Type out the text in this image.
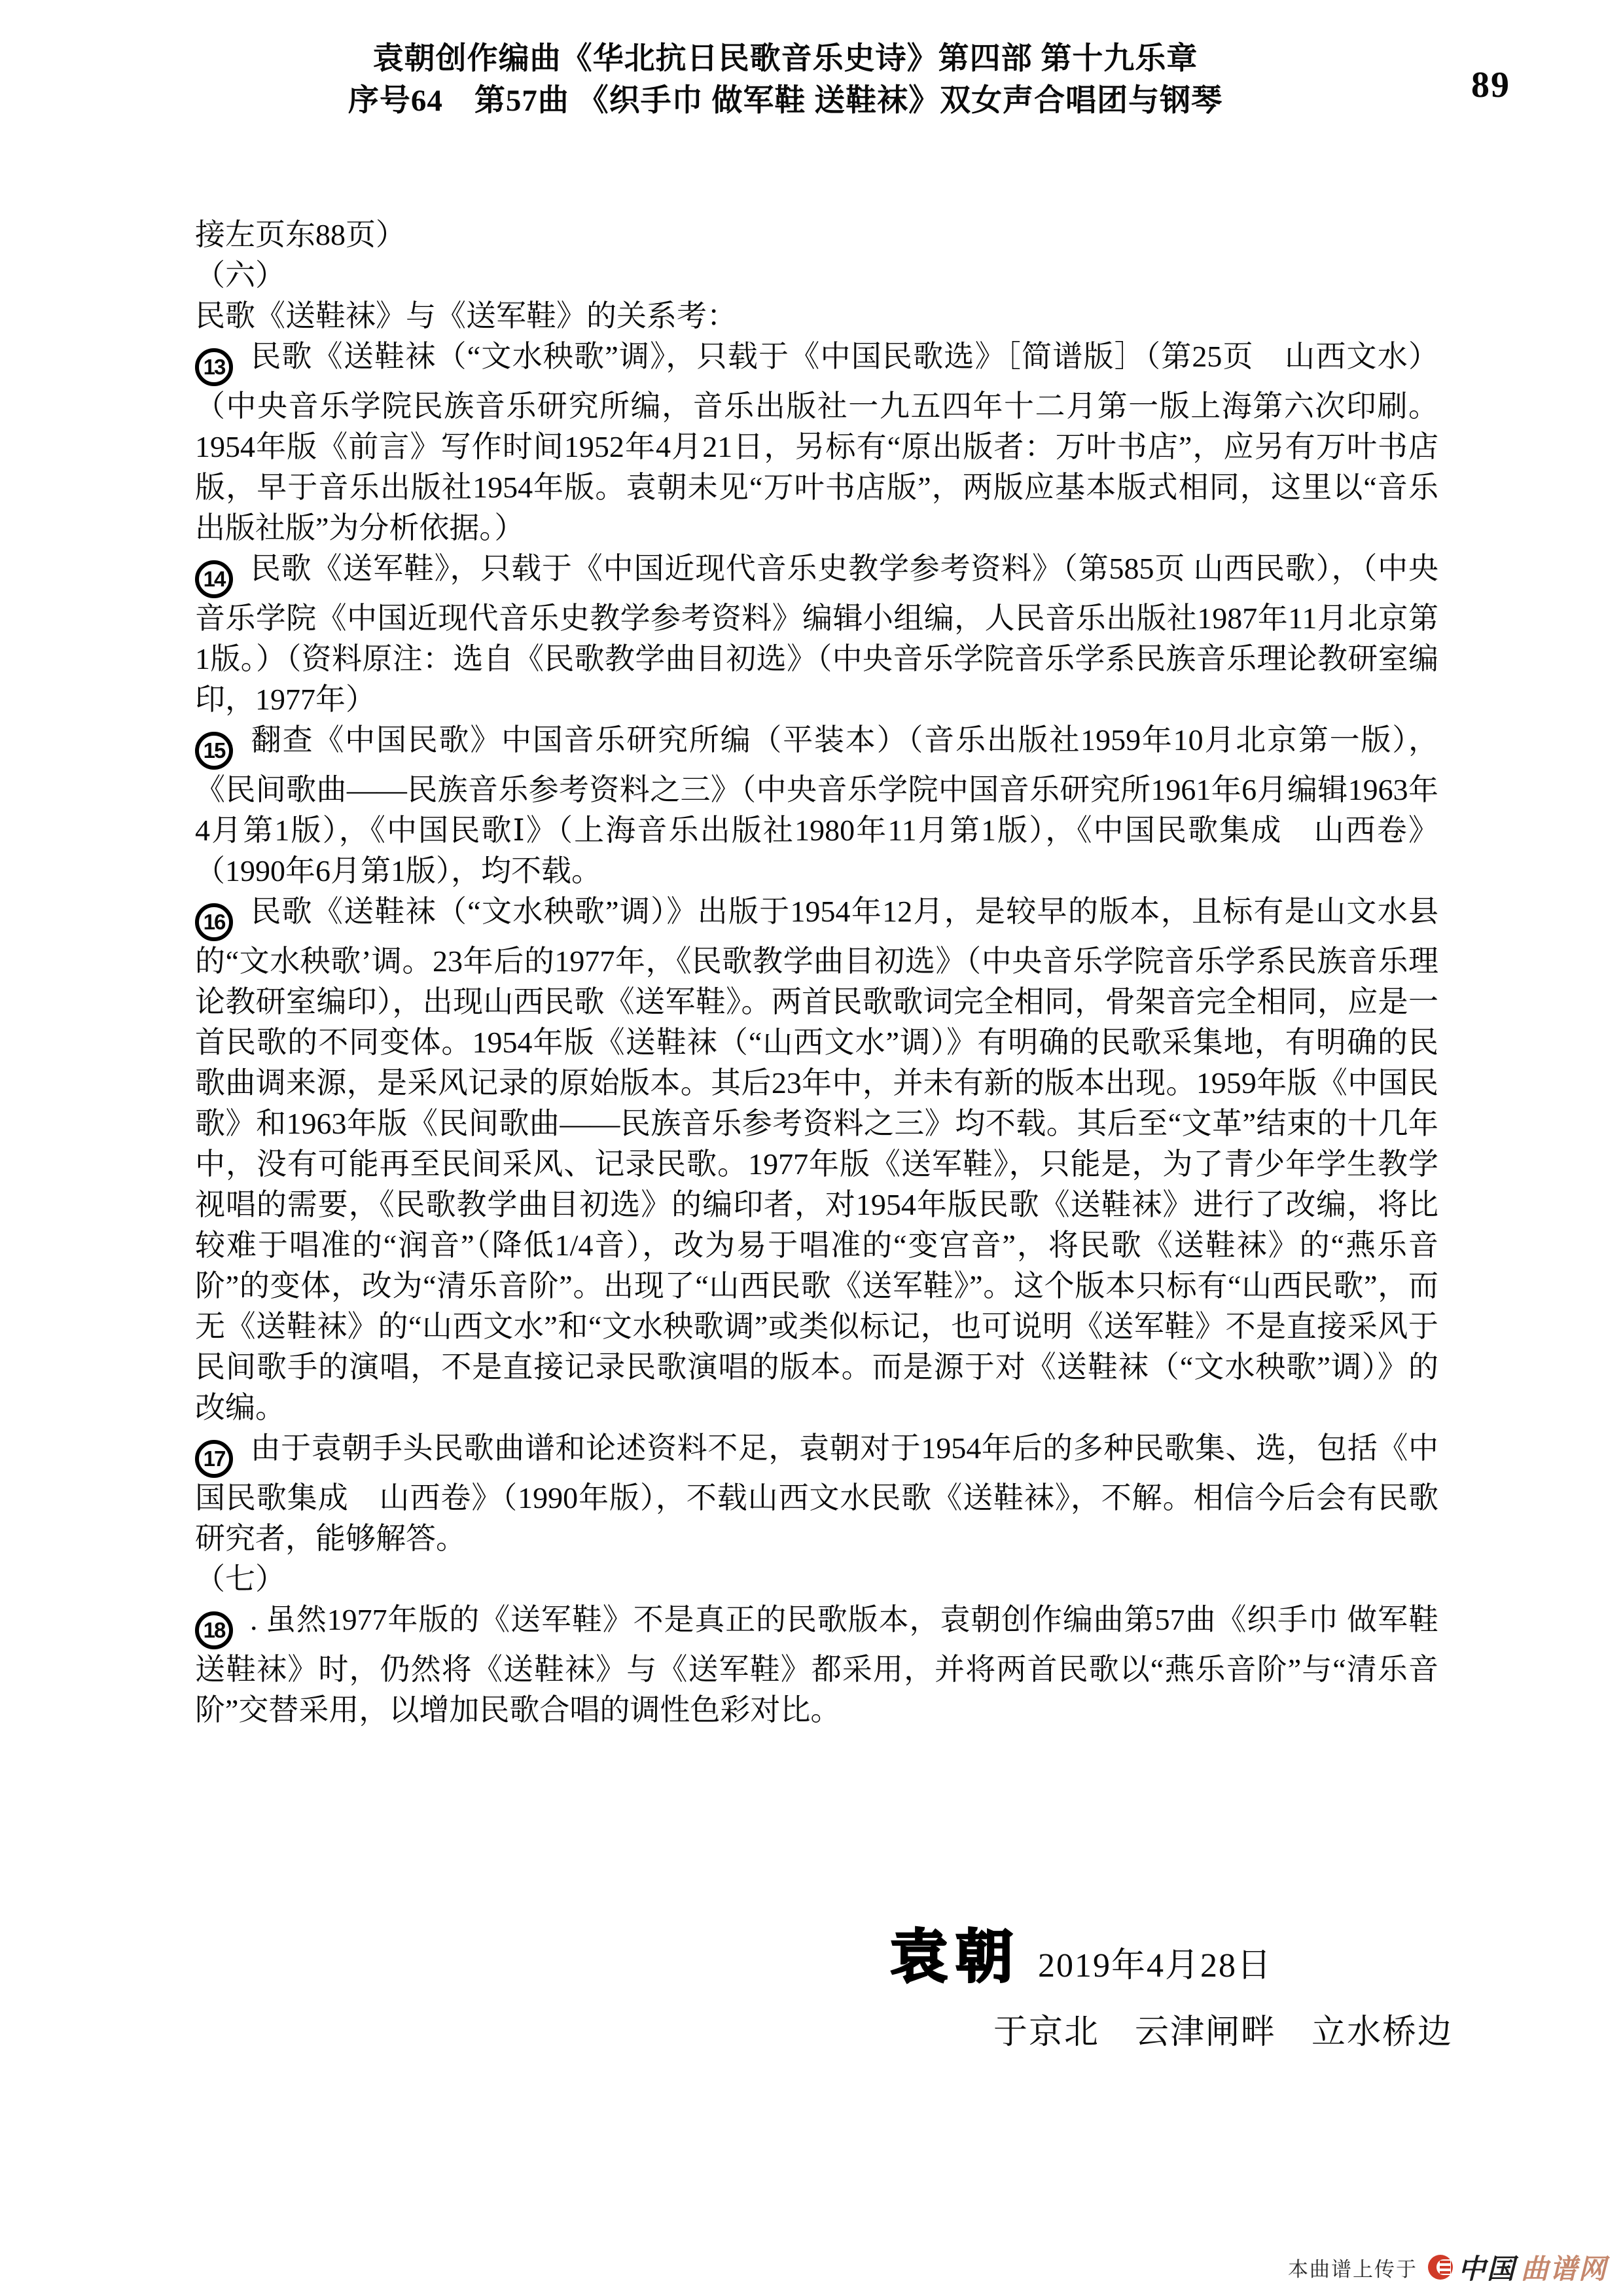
袁朝创作编曲《华北抗日民歌音乐史诗》第四部 第十九乐章
序号64　第57曲 《织手巾 做军鞋 送鞋袜》双女声合唱团与钢琴	89

接左页东88页）

（六）

民歌《送鞋袜》与《送军鞋》的关系考：

13 民歌《送鞋袜（“文水秧歌”调》，只载于《中国民歌选》［简谱版］（第25页　山西文水）（中央音乐学院民族音乐研究所编，音乐出版社一九五四年十二月第一版上海第六次印刷。1954年版《前言》写作时间1952年4月21日，另标有“原出版者：万叶书店”，应另有万叶书店版，早于音乐出版社1954年版。袁朝未见“万叶书店版”，两版应基本版式相同，这里以“音乐出版社版”为分析依据。）

14 民歌《送军鞋》，只载于《中国近现代音乐史教学参考资料》（第585页 山西民歌），（中央音乐学院《中国近现代音乐史教学参考资料》编辑小组编，人民音乐出版社1987年11月北京第1版。）（资料原注：选自《民歌教学曲目初选》（中央音乐学院音乐学系民族音乐理论教研室编印，1977年）

15 翻查《中国民歌》中国音乐研究所编（平装本）（音乐出版社1959年10月北京第一版），《民间歌曲——民族音乐参考资料之三》（中央音乐学院中国音乐研究所1961年6月编辑1963年4月第1版），《中国民歌Ⅰ》（上海音乐出版社1980年11月第1版），《中国民歌集成　山西卷》（1990年6月第1版），均不载。

16 民歌《送鞋袜（“文水秧歌”调）》出版于1954年12月，是较早的版本，且标有是山文水县的“文水秧歌’调。23年后的1977年，《民歌教学曲目初选》（中央音乐学院音乐学系民族音乐理论教研室编印），出现山西民歌《送军鞋》。两首民歌歌词完全相同，骨架音完全相同，应是一首民歌的不同变体。1954年版《送鞋袜（“山西文水”调）》有明确的民歌采集地，有明确的民歌曲调来源，是采风记录的原始版本。其后23年中，并未有新的版本出现。1959年版《中国民歌》和1963年版《民间歌曲——民族音乐参考资料之三》均不载。其后至“文革”结束的十几年中，没有可能再至民间采风、记录民歌。1977年版《送军鞋》，只能是，为了青少年学生教学视唱的需要，《民歌教学曲目初选》的编印者，对1954年版民歌《送鞋袜》进行了改编，将比较难于唱准的“润音”（降低1/4音），改为易于唱准的“变宫音”，将民歌《送鞋袜》的“燕乐音阶”的变体，改为“清乐音阶”。出现了“山西民歌《送军鞋》”。这个版本只标有“山西民歌”，而无《送鞋袜》的“山西文水”和“文水秧歌调”或类似标记，也可说明《送军鞋》不是直接采风于民间歌手的演唱，不是直接记录民歌演唱的版本。而是源于对《送鞋袜（“文水秧歌”调）》的改编。

17 由于袁朝手头民歌曲谱和论述资料不足，袁朝对于1954年后的多种民歌集、选，包括《中国民歌集成　山西卷》（1990年版），不载山西文水民歌《送鞋袜》，不解。相信今后会有民歌研究者，能够解答。

（七）

18 . 虽然1977年版的《送军鞋》不是真正的民歌版本，袁朝创作编曲第57曲《织手巾 做军鞋 送鞋袜》时，仍然将《送鞋袜》与《送军鞋》都采用，并将两首民歌以“燕乐音阶”与“清乐音阶”交替采用，以增加民歌合唱的调性色彩对比。

袁朝 2019年4月28日
于京北　云津闸畔　立水桥边
本曲谱上传于 中国 曲谱网
